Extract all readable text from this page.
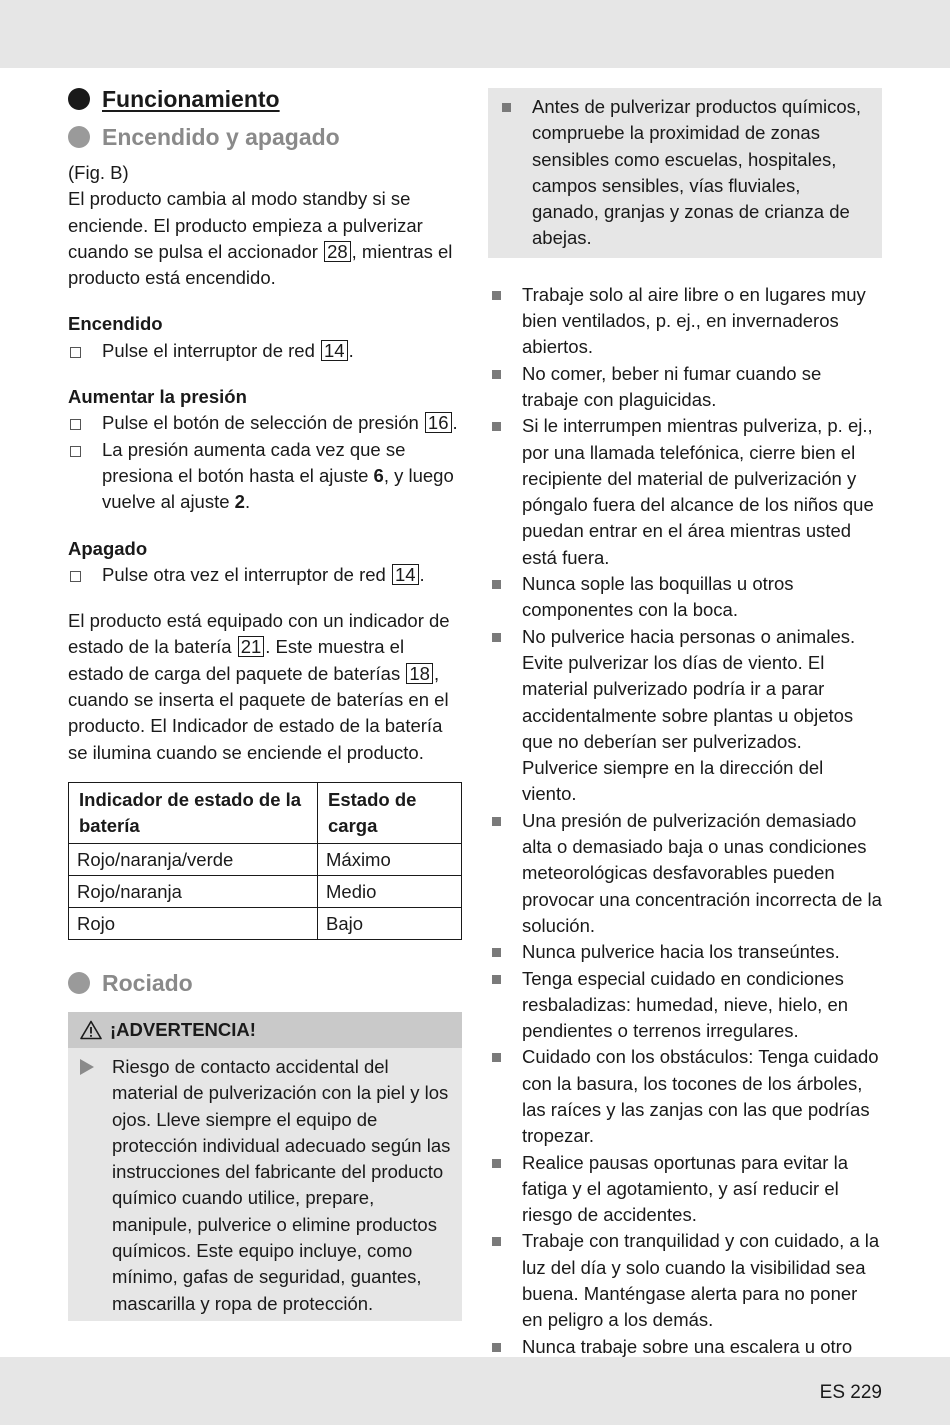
Funcionamiento
Encendido y apagado

(Fig. B)

El producto cambia al modo standby si se enciende. El producto empieza a pulverizar cuando se pulsa el accionador 28 , mientras el producto está encendido.

Encendido

Pulse el interruptor de red 14 .

Aumentar la presión

Pulse el botón de selección de presión 16 .
La presión aumenta cada vez que se presiona el botón hasta el ajuste 6, y luego vuelve al ajuste 2.

Apagado

Pulse otra vez el interruptor de red 14 .

El producto está equipado con un indicador de estado de la batería 21 . Este muestra el estado de carga del paquete de baterías 18 , cuando se inserta el paquete de baterías en el producto. El Indicador de estado de la batería se ilumina cuando se enciende el producto.

Indicador de estado de la batería	Estado de carga
Rojo/naranja/verde	Máximo
Rojo/naranja	Medio
Rojo	Bajo
Rociado
¡ADVERTENCIA!

Riesgo de contacto accidental del material de pulverización con la piel y los ojos. Lleve siempre el equipo de protección individual adecuado según las instrucciones del fabricante del producto químico cuando utilice, prepare, manipule, pulverice o elimine productos químicos. Este equipo incluye, como mínimo, gafas de seguridad, guantes, mascarilla y ropa de protección.

Antes de pulverizar productos químicos, compruebe la proximidad de zonas sensibles como escuelas, hospitales, campos sensibles, vías fluviales, ganado, granjas y zonas de crianza de abejas.

Trabaje solo al aire libre o en lugares muy bien ventilados, p. ej., en invernaderos abiertos.
No comer, beber ni fumar cuando se trabaje con plaguicidas.
Si le interrumpen mientras pulveriza, p. ej., por una llamada telefónica, cierre bien el recipiente del material de pulverización y póngalo fuera del alcance de los niños que puedan entrar en el área mientras usted está fuera.
Nunca sople las boquillas u otros componentes con la boca.
No pulverice hacia personas o animales. Evite pulverizar los días de viento. El material pulverizado podría ir a parar accidentalmente sobre plantas u objetos que no deberían ser pulverizados. Pulverice siempre en la dirección del viento.
Una presión de pulverización demasiado alta o demasiado baja o unas condiciones meteorológicas desfavorables pueden provocar una concentración incorrecta de la solución.
Nunca pulverice hacia los transeúntes.
Tenga especial cuidado en condiciones resbaladizas: humedad, nieve, hielo, en pendientes o terrenos irregulares.
Cuidado con los obstáculos: Tenga cuidado con la basura, los tocones de los árboles, las raíces y las zanjas con las que podrías tropezar.
Realice pausas oportunas para evitar la fatiga y el agotamiento, y así reducir el riesgo de accidentes.
Trabaje con tranquilidad y con cuidado, a la luz del día y solo cuando la visibilidad sea buena. Manténgase alerta para no poner en peligro a los demás.
Nunca trabaje sobre una escalera u otro
ES 229
